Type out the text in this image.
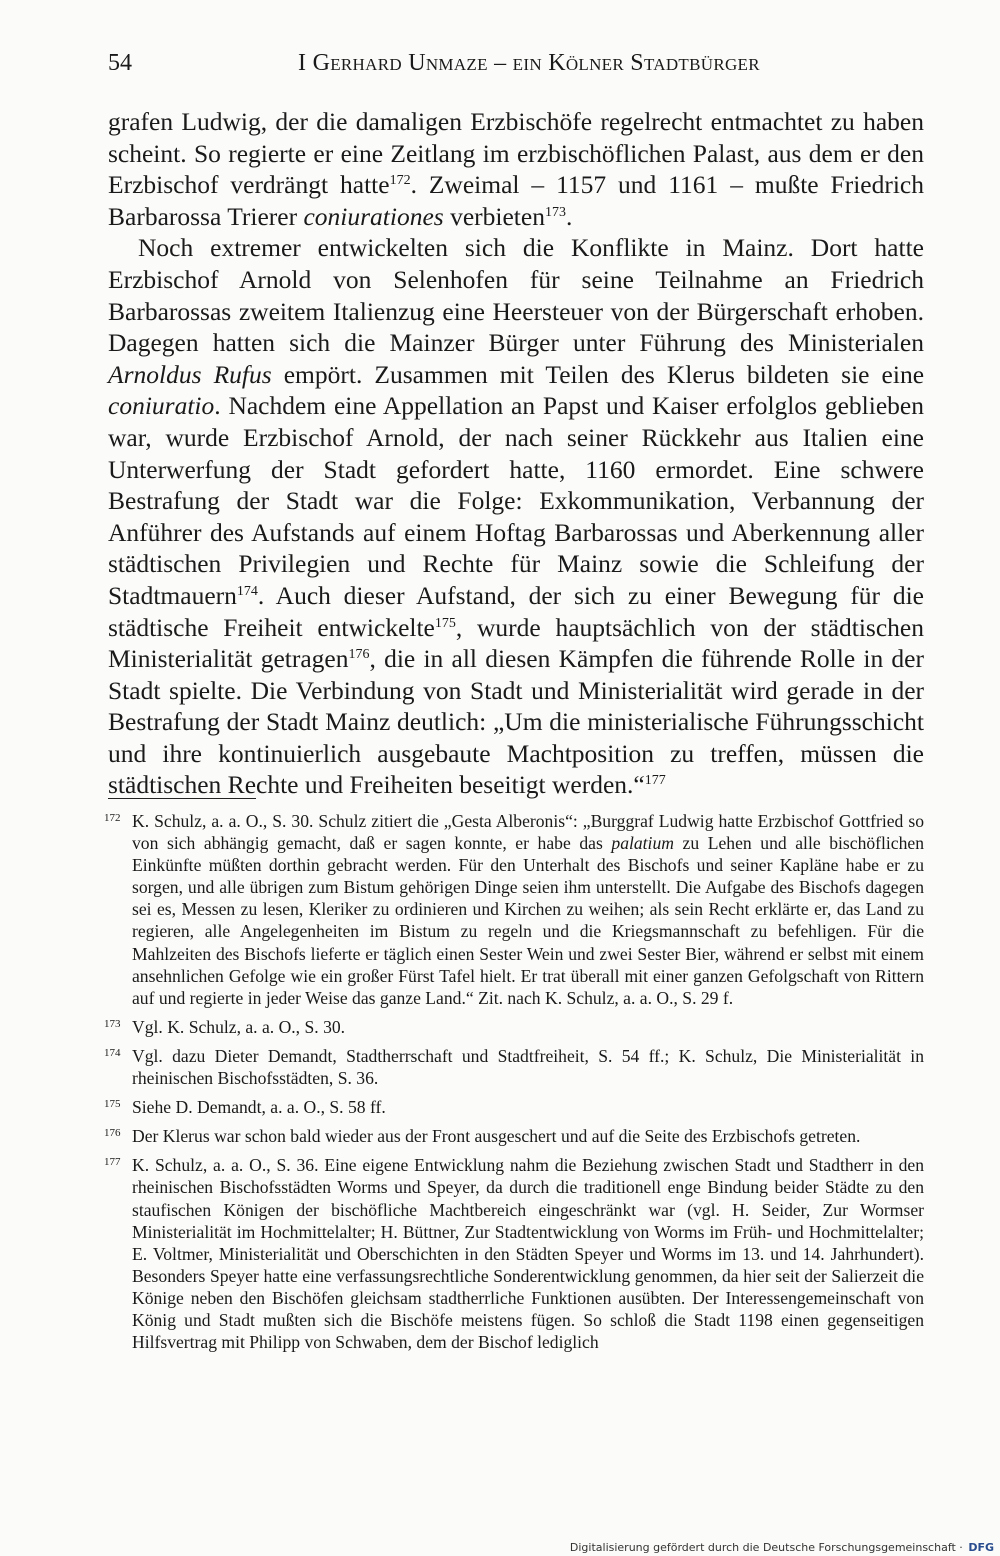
54	I Gerhard Unmaze – ein Kölner Stadtbürger

grafen Ludwig, der die damaligen Erzbischöfe regelrecht entmachtet zu haben scheint. So regierte er eine Zeitlang im erzbischöflichen Palast, aus dem er den Erzbischof verdrängt hatte$^{172}$. Zweimal – 1157 und 1161 – mußte Friedrich Barbarossa Trierer coniurationes verbieten$^{173}$.

Noch extremer entwickelten sich die Konflikte in Mainz. Dort hatte Erzbischof Arnold von Selenhofen für seine Teilnahme an Friedrich Barbarossas zweitem Italienzug eine Heersteuer von der Bürgerschaft erhoben. Dagegen hatten sich die Mainzer Bürger unter Führung des Ministerialen Arnoldus Rufus empört. Zusammen mit Teilen des Klerus bildeten sie eine coniuratio. Nachdem eine Appellation an Papst und Kaiser erfolglos geblieben war, wurde Erzbischof Arnold, der nach seiner Rückkehr aus Italien eine Unterwerfung der Stadt gefordert hatte, 1160 ermordet. Eine schwere Bestrafung der Stadt war die Folge: Exkommunikation, Verbannung der Anführer des Aufstands auf einem Hoftag Barbarossas und Aberkennung aller städtischen Privilegien und Rechte für Mainz sowie die Schleifung der Stadtmauern$^{174}$. Auch dieser Aufstand, der sich zu einer Bewegung für die städtische Freiheit entwickelte$^{175}$, wurde hauptsächlich von der städtischen Ministerialität getragen$^{176}$, die in all diesen Kämpfen die führende Rolle in der Stadt spielte. Die Verbindung von Stadt und Ministerialität wird gerade in der Bestrafung der Stadt Mainz deutlich: „Um die ministerialische Führungsschicht und ihre kontinuierlich ausgebaute Machtposition zu treffen, müssen die städtischen Rechte und Freiheiten beseitigt werden.“$^{177}$

172 K. Schulz, a. a. O., S. 30. Schulz zitiert die „Gesta Alberonis“: „Burggraf Ludwig hatte Erzbischof Gottfried so von sich abhängig gemacht, daß er sagen konnte, er habe das palatium zu Lehen und alle bischöflichen Einkünfte müßten dorthin gebracht werden. Für den Unterhalt des Bischofs und seiner Kapläne habe er zu sorgen, und alle übrigen zum Bistum gehörigen Dinge seien ihm unterstellt. Die Aufgabe des Bischofs dagegen sei es, Messen zu lesen, Kleriker zu ordinieren und Kirchen zu weihen; als sein Recht erklärte er, das Land zu regieren, alle Angelegenheiten im Bistum zu regeln und die Kriegsmannschaft zu befehligen. Für die Mahlzeiten des Bischofs lieferte er täglich einen Sester Wein und zwei Sester Bier, während er selbst mit einem ansehnlichen Gefolge wie ein großer Fürst Tafel hielt. Er trat überall mit einer ganzen Gefolgschaft von Rittern auf und regierte in jeder Weise das ganze Land.“ Zit. nach K. Schulz, a. a. O., S. 29 f.
173 Vgl. K. Schulz, a. a. O., S. 30.
174 Vgl. dazu Dieter Demandt, Stadtherrschaft und Stadtfreiheit, S. 54 ff.; K. Schulz, Die Ministerialität in rheinischen Bischofsstädten, S. 36.
175 Siehe D. Demandt, a. a. O., S. 58 ff.
176 Der Klerus war schon bald wieder aus der Front ausgeschert und auf die Seite des Erzbischofs getreten.
177 K. Schulz, a. a. O., S. 36. Eine eigene Entwicklung nahm die Beziehung zwischen Stadt und Stadtherr in den rheinischen Bischofsstädten Worms und Speyer, da durch die traditionell enge Bindung beider Städte zu den staufischen Königen der bischöfliche Machtbereich eingeschränkt war (vgl. H. Seider, Zur Wormser Ministerialität im Hochmittelalter; H. Büttner, Zur Stadtentwicklung von Worms im Früh- und Hochmittelalter; E. Voltmer, Ministerialität und Oberschichten in den Städten Speyer und Worms im 13. und 14. Jahrhundert). Besonders Speyer hatte eine verfassungsrechtliche Sonderentwicklung genommen, da hier seit der Salierzeit die Könige neben den Bischöfen gleichsam stadtherrliche Funktionen ausübten. Der Interessengemeinschaft von König und Stadt mußten sich die Bischöfe meistens fügen. So schloß die Stadt 1198 einen gegenseitigen Hilfsvertrag mit Philipp von Schwaben, dem der Bischof lediglich
Digitalisierung gefördert durch die Deutsche Forschungsgemeinschaft · DFG
